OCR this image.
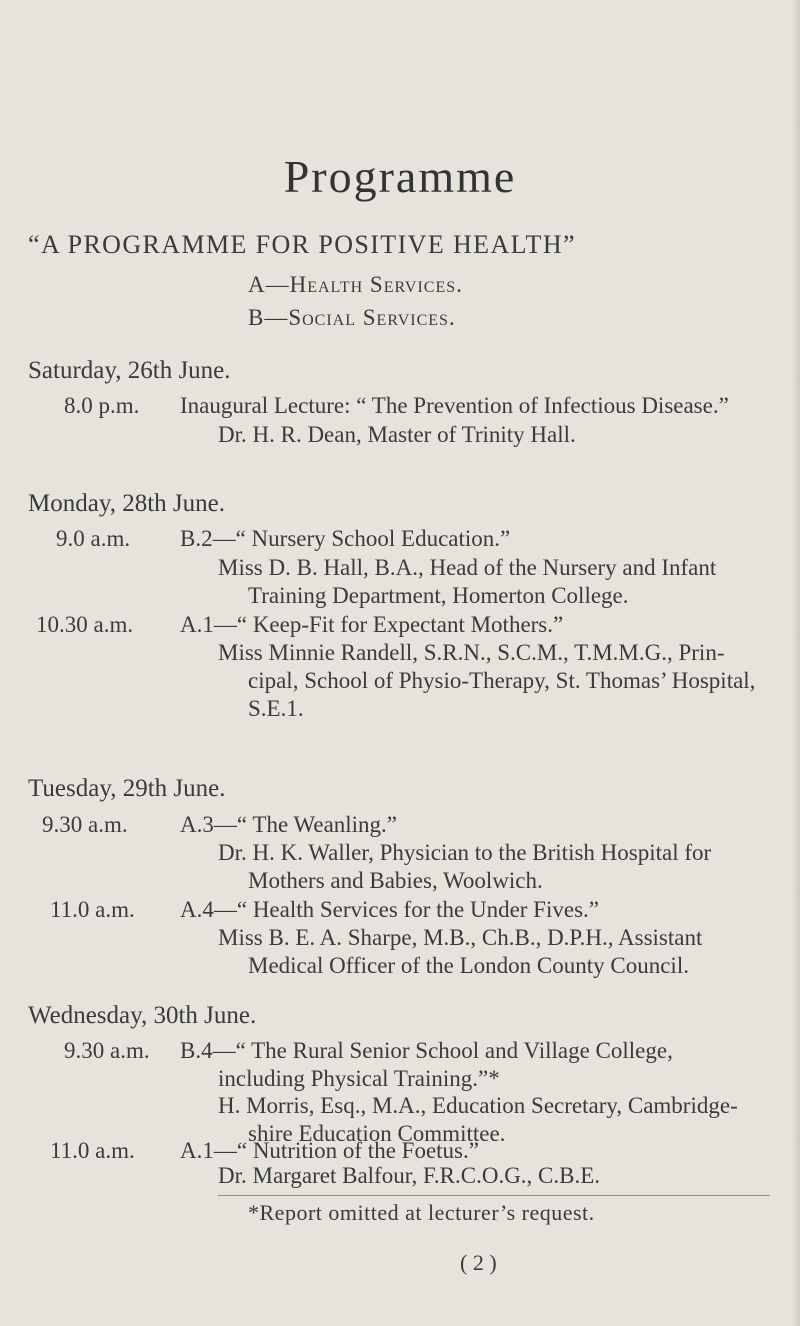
Programme
“A PROGRAMME FOR POSITIVE HEALTH”
A—Health Services.
B—Social Services.
Saturday, 26th June.
8.0 p.m. Inaugural Lecture: “ The Prevention of Infectious Disease.”
Dr. H. R. Dean, Master of Trinity Hall.
Monday, 28th June.
9.0 a.m. B.2—“ Nursery School Education.”
Miss D. B. Hall, B.A., Head of the Nursery and Infant
Training Department, Homerton College.
10.30 a.m. A.1—“ Keep-Fit for Expectant Mothers.”
Miss Minnie Randell, S.R.N., S.C.M., T.M.M.G., Prin-
cipal, School of Physio-Therapy, St. Thomas’ Hospital,
S.E.1.
Tuesday, 29th June.
9.30 a.m. A.3—“ The Weanling.”
Dr. H. K. Waller, Physician to the British Hospital for
Mothers and Babies, Woolwich.
11.0 a.m. A.4—“ Health Services for the Under Fives.”
Miss B. E. A. Sharpe, M.B., Ch.B., D.P.H., Assistant
Medical Officer of the London County Council.
Wednesday, 30th June.
9.30 a.m. B.4—“ The Rural Senior School and Village College,
including Physical Training.”*
H. Morris, Esq., M.A., Education Secretary, Cambridge-
shire Education Committee.
*Report omitted at lecturer’s request.
( 2 )
A.1—“ Nutrition of the Foetus.”
Dr. Margaret Balfour, F.R.C.O.G., C.B.E.
11.0 a.m.
